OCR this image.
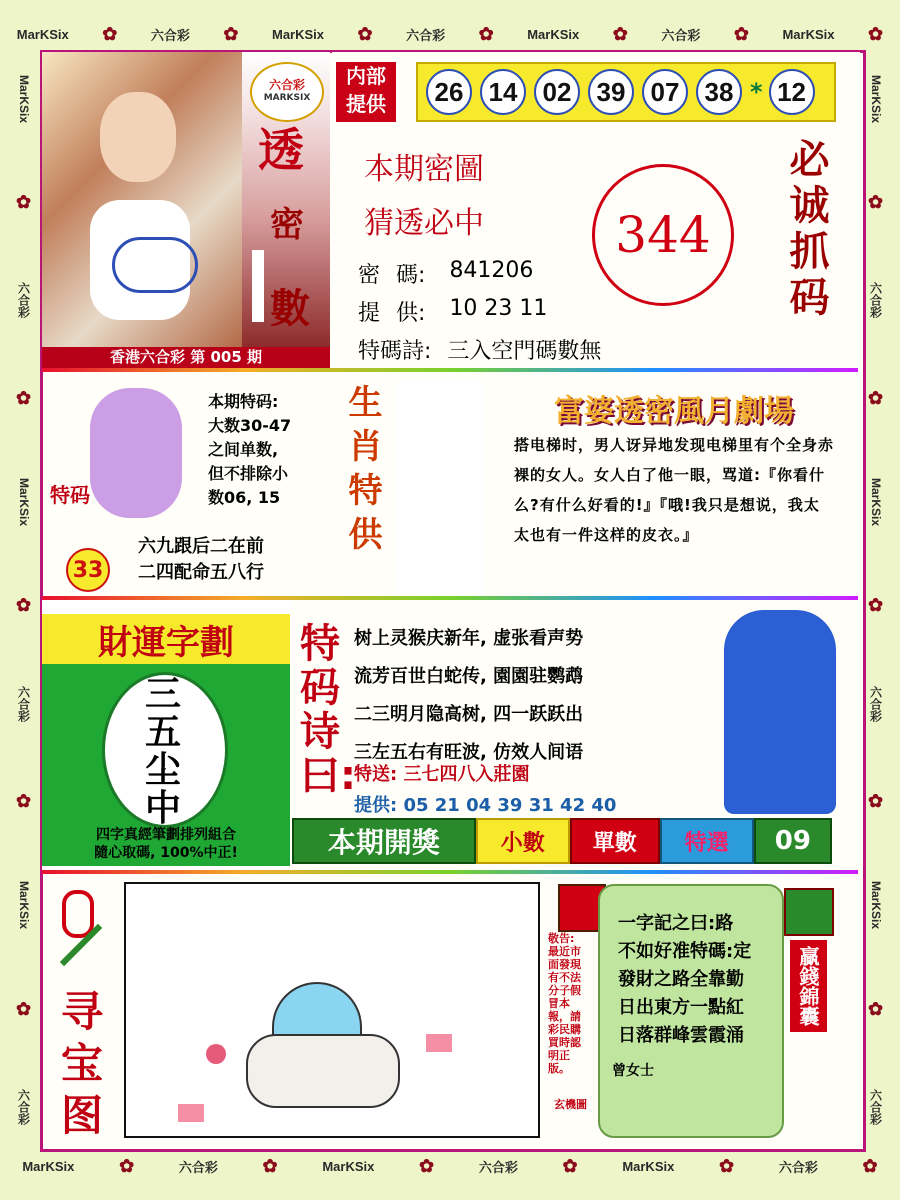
MarKSix ✿	六合彩 ✿	MarKSix ✿	六合彩 ✿	MarKSix ✿	六合彩 ✿	MarKSix ✿
MarKSix ✿	六合彩 ✿	MarKSix ✿	六合彩 ✿	MarKSix ✿	六合彩 ✿
MarKSix
✿
六合彩
✿
MarKSix
✿
六合彩
✿
MarKSix
✿
六合彩
MarKSix
✿
六合彩
✿
MarKSix
✿
六合彩
✿
MarKSix
✿
六合彩
六合彩
MARKSIX
透
密
數
香港六合彩 第 005 期
内部
提供	26 14 02 39 07 38 * 12
本期密圖
猜透必中	344
密 碼: 841206
提 供: 10 23 11
特碼詩: 三入空門碼數無
必诚抓码
特码
33
本期特码:
大数30-47
之间单数,
但不排除小
数06, 15
六九跟后二在前
二四配命五八行
生肖特供	富婆透密風月劇場
搭电梯时，男人讶异地发现电梯里有个全身赤裸的女人。女人白了他一眼，骂道:『你看什么?有什么好看的!』『哦!我只是想说，我太太也有一件这样的皮衣。』
財運字劃
三
五
尘
中
四字真經筆劃排列組合
隨心取碼, 100%中正!
特码诗曰:
树上灵猴庆新年, 虚张看声势
流芳百世白蛇传, 園園驻鹦鹉
二三明月隐高树, 四一跃跃出
三左五右有旺波, 仿效人间语
特送: 三七四八入莊園
提供: 05 21 04 39 31 42 40
本期開獎	小數	單數	特選	09
寻宝图
敬告:
最近市面發現有不法分子假冒本報，請彩民購買時認明正版。
玄機圖
一字記之曰:路
不如好准特碼:定
發財之路全靠勤
日出東方一點紅
日落群峰雲霞涌
曾女士
贏錢錦囊
